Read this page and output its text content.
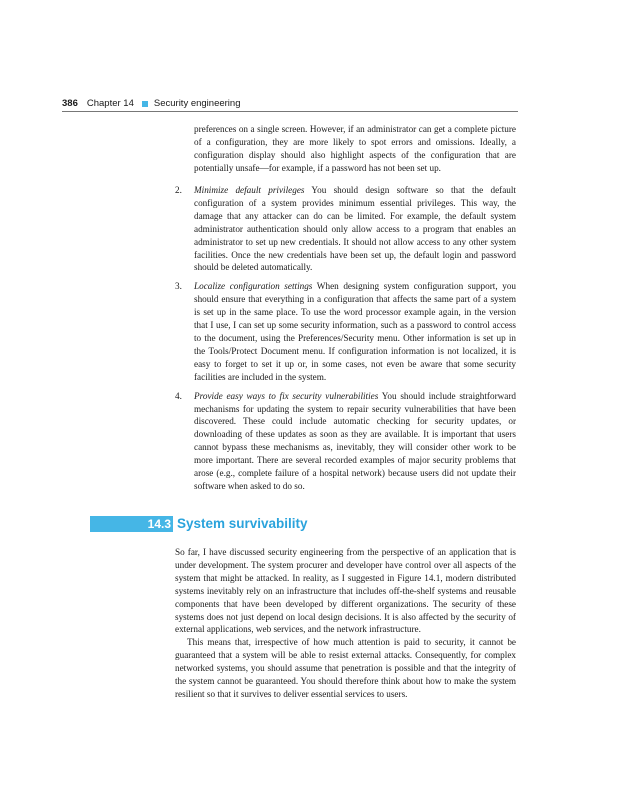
386 Chapter 14 Security engineering
preferences on a single screen. However, if an administrator can get a complete picture of a configuration, they are more likely to spot errors and omissions. Ideally, a configuration display should also highlight aspects of the configuration that are potentially unsafe—for example, if a password has not been set up.
2.	Minimize default privileges You should design software so that the default configuration of a system provides minimum essential privileges. This way, the damage that any attacker can do can be limited. For example, the default system administrator authentication should only allow access to a program that enables an administrator to set up new credentials. It should not allow access to any other system facilities. Once the new credentials have been set up, the default login and password should be deleted automatically.
3.	Localize configuration settings When designing system configuration support, you should ensure that everything in a configuration that affects the same part of a system is set up in the same place. To use the word processor example again, in the version that I use, I can set up some security information, such as a password to control access to the document, using the Preferences/Security menu. Other information is set up in the Tools/Protect Document menu. If configuration information is not localized, it is easy to forget to set it up or, in some cases, not even be aware that some security facilities are included in the system.
4.	Provide easy ways to fix security vulnerabilities You should include straightforward mechanisms for updating the system to repair security vulnerabilities that have been discovered. These could include automatic checking for security updates, or downloading of these updates as soon as they are available. It is important that users cannot bypass these mechanisms as, inevitably, they will consider other work to be more important. There are several recorded examples of major security problems that arose (e.g., complete failure of a hospital network) because users did not update their software when asked to do so.
14.3 System survivability

So far, I have discussed security engineering from the perspective of an application that is under development. The system procurer and developer have control over all aspects of the system that might be attacked. In reality, as I suggested in Figure 14.1, modern distributed systems inevitably rely on an infrastructure that includes off-the-shelf systems and reusable components that have been developed by different organizations. The security of these systems does not just depend on local design decisions. It is also affected by the security of external applications, web services, and the network infrastructure.

This means that, irrespective of how much attention is paid to security, it cannot be guaranteed that a system will be able to resist external attacks. Consequently, for complex networked systems, you should assume that penetration is possible and that the integrity of the system cannot be guaranteed. You should therefore think about how to make the system resilient so that it survives to deliver essential services to users.
